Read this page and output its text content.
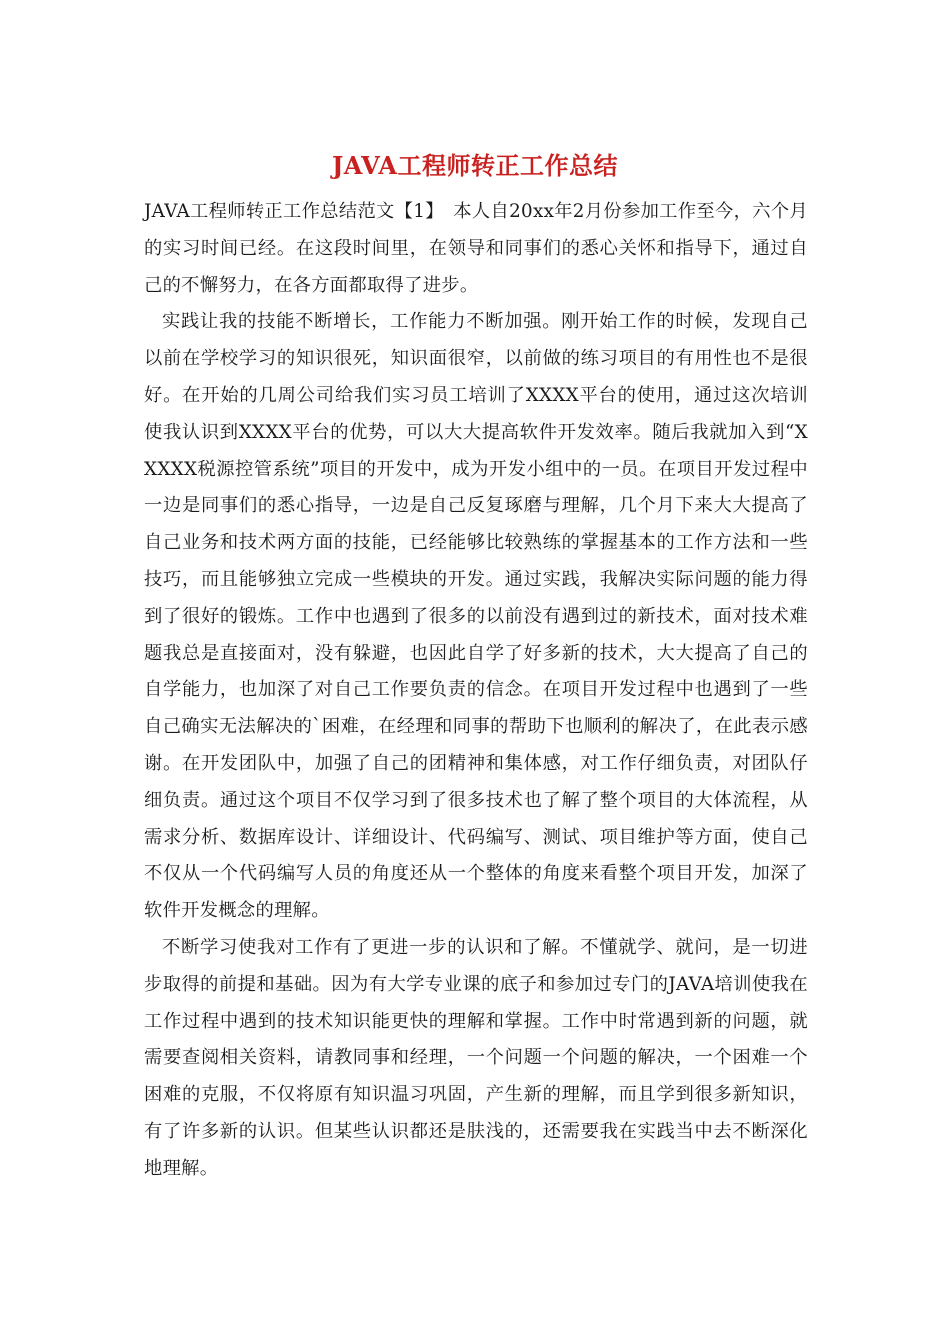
JAVA工程师转正工作总结

JAVA工程师转正工作总结范文【1】　本人自20xx年2月份参加工作至今，六个月的实习时间已经。在这段时间里，在领导和同事们的悉心关怀和指导下，通过自己的不懈努力，在各方面都取得了进步。

实践让我的技能不断增长，工作能力不断加强。刚开始工作的时候，发现自己以前在学校学习的知识很死，知识面很窄，以前做的练习项目的有用性也不是很好。在开始的几周公司给我们实习员工培训了XXXX平台的使用，通过这次培训使我认识到XXXX平台的优势，可以大大提高软件开发效率。随后我就加入到“XXXXX税源控管系统”项目的开发中，成为开发小组中的一员。在项目开发过程中一边是同事们的悉心指导，一边是自己反复琢磨与理解，几个月下来大大提高了自己业务和技术两方面的技能，已经能够比较熟练的掌握基本的工作方法和一些技巧，而且能够独立完成一些模块的开发。通过实践，我解决实际问题的能力得到了很好的锻炼。工作中也遇到了很多的以前没有遇到过的新技术，面对技术难题我总是直接面对，没有躲避，也因此自学了好多新的技术，大大提高了自己的自学能力，也加深了对自己工作要负责的信念。在项目开发过程中也遇到了一些自己确实无法解决的`困难，在经理和同事的帮助下也顺利的解决了，在此表示感谢。在开发团队中，加强了自己的团精神和集体感，对工作仔细负责，对团队仔细负责。通过这个项目不仅学习到了很多技术也了解了整个项目的大体流程，从需求分析、数据库设计、详细设计、代码编写、测试、项目维护等方面，使自己不仅从一个代码编写人员的角度还从一个整体的角度来看整个项目开发，加深了软件开发概念的理解。

不断学习使我对工作有了更进一步的认识和了解。不懂就学、就问，是一切进步取得的前提和基础。因为有大学专业课的底子和参加过专门的JAVA培训使我在工作过程中遇到的技术知识能更快的理解和掌握。工作中时常遇到新的问题，就需要查阅相关资料，请教同事和经理，一个问题一个问题的解决，一个困难一个困难的克服，不仅将原有知识温习巩固，产生新的理解，而且学到很多新知识，有了许多新的认识。但某些认识都还是肤浅的，还需要我在实践当中去不断深化地理解。
